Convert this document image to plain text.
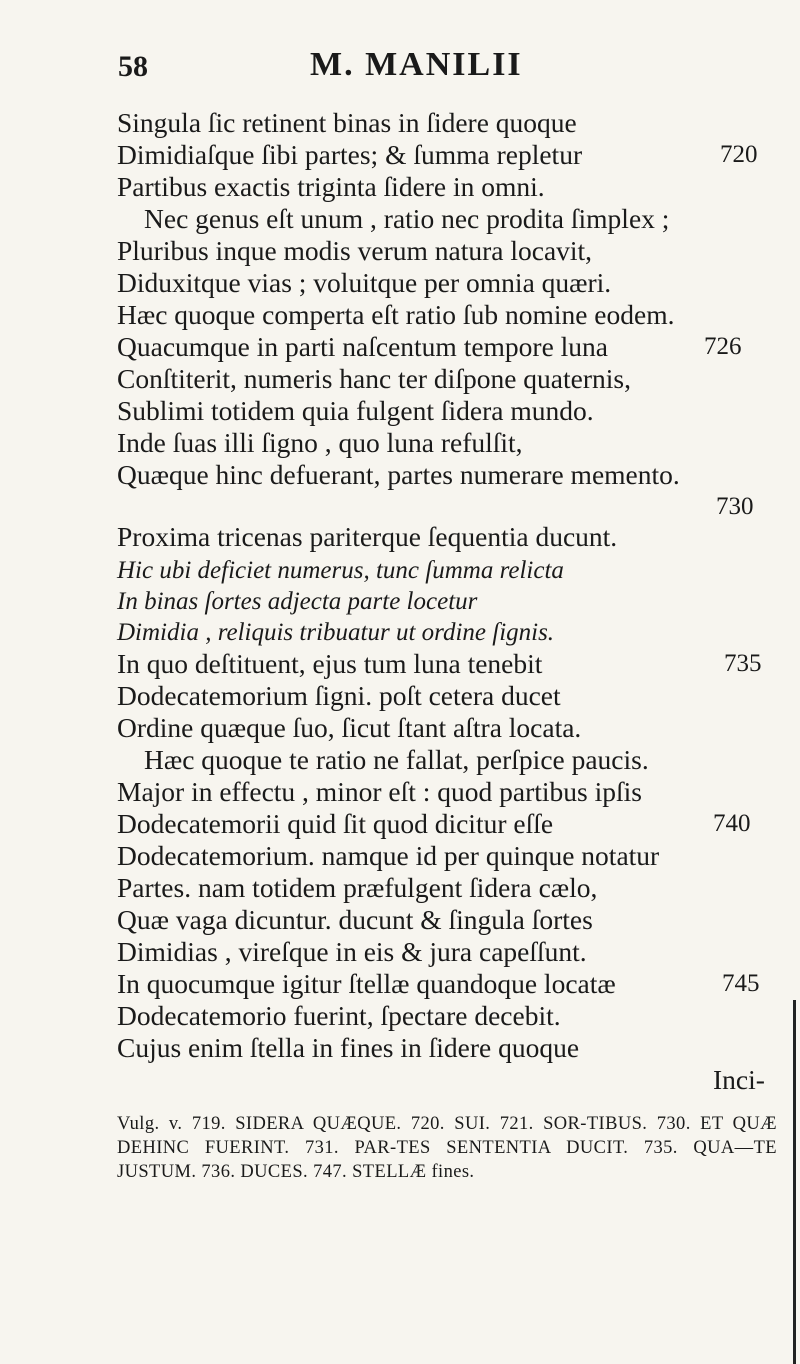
58	M. MANILII
Singula ſic retinent binas in ſidere quoque
Dimidiaſque ſibi partes; & ſumma repletur	720
Partibus exactis triginta ſidere in omni.
Nec genus eſt unum , ratio nec prodita ſimplex ;
Pluribus inque modis verum natura locavit,
Diduxitque vias ; voluitque per omnia quæri.
Hæc quoque comperta eſt ratio ſub nomine eodem.
Quacumque in parti naſcentum tempore luna	726
Conſtiterit, numeris hanc ter diſpone quaternis,
Sublimi totidem quia fulgent ſidera mundo.
Inde ſuas illi ſigno , quo luna refulſit,
Quæque hinc defuerant, partes numerare memento.
730
Proxima tricenas pariterque ſequentia ducunt.
Hic ubi deficiet numerus, tunc ſumma relicta
In binas ſortes adjecta parte locetur
Dimidia , reliquis tribuatur ut ordine ſignis.
In quo deſtituent, ejus tum luna tenebit	735
Dodecatemorium ſigni. poſt cetera ducet
Ordine quæque ſuo, ſicut ſtant aſtra locata.
Hæc quoque te ratio ne fallat, perſpice paucis.
Major in effectu , minor eſt : quod partibus ipſis
Dodecatemorii quid ſit quod dicitur eſſe	740
Dodecatemorium. namque id per quinque notatur
Partes. nam totidem præfulgent ſidera cælo,
Quæ vaga dicuntur. ducunt & ſingula ſortes
Dimidias , vireſque in eis & jura capeſſunt.
In quocumque igitur ſtellæ quandoque locatæ	745
Dodecatemorio fuerint, ſpectare decebit.
Cujus enim ſtella in fines in ſidere quoque
Inci-
Vulg. v. 719. SIDERA QUÆQUE. 720. SUI. 721. SOR-TIBUS. 730. ET QUÆ DEHINC FUERINT. 731. PAR-TES SENTENTIA DUCIT. 735. QUA—TE JUSTUM. 736. DUCES. 747. STELLÆ fines.
